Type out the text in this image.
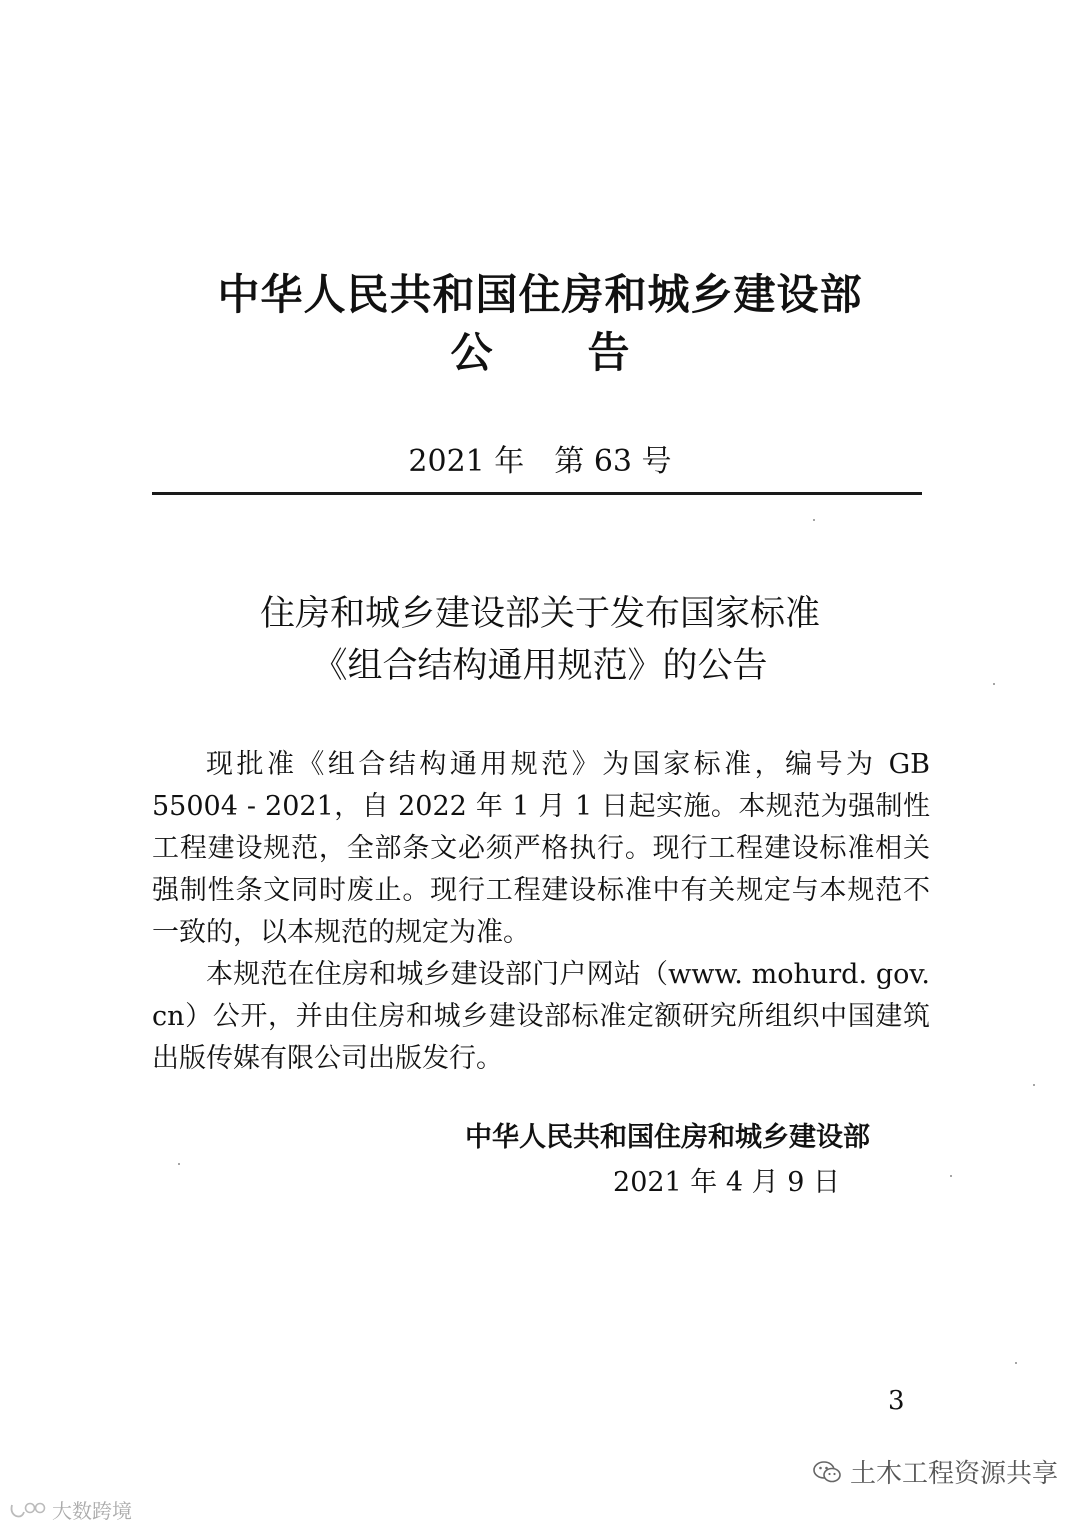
中华人民共和国住房和城乡建设部
公告
2021 年　第 63 号
住房和城乡建设部关于发布国家标准
《组合结构通用规范》的公告

现批准《组合结构通用规范》为国家标准，编号为 GB 55004 - 2021，自 2022 年 1 月 1 日起实施。本规范为强制性工程建设规范，全部条文必须严格执行。现行工程建设标准相关强制性条文同时废止。现行工程建设标准中有关规定与本规范不一致的，以本规范的规定为准。

本规范在住房和城乡建设部门户网站（www. mohurd. gov. cn）公开，并由住房和城乡建设部标准定额研究所组织中国建筑出版传媒有限公司出版发行。

中华人民共和国住房和城乡建设部
2021 年 4 月 9 日
3
土木工程资源共享
大数跨境
